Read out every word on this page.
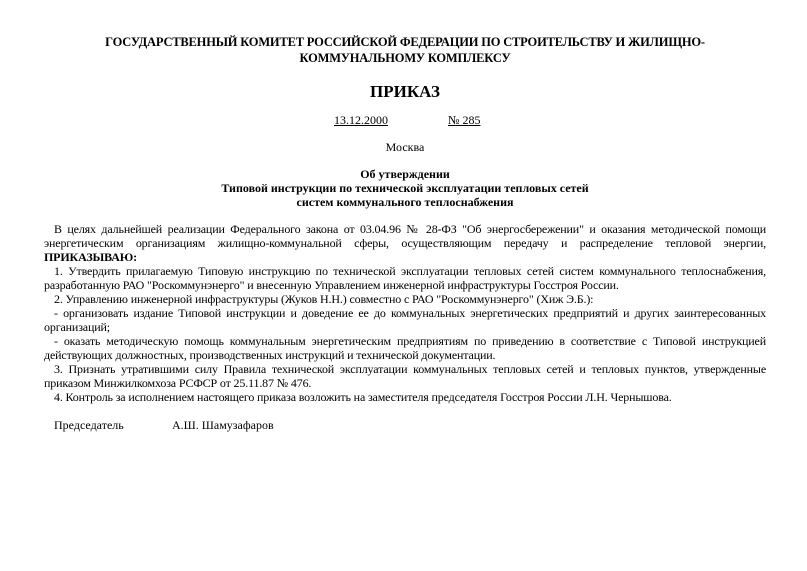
ГОСУДАРСТВЕННЫЙ КОМИТЕТ РОССИЙСКОЙ ФЕДЕРАЦИИ ПО СТРОИТЕЛЬСТВУ И ЖИЛИЩНО-КОММУНАЛЬНОМУ КОМПЛЕКСУ
ПРИКАЗ
13.12.2000	№ 285
Москва
Об утверждении
Типовой инструкции по технической эксплуатации тепловых сетей
систем коммунального теплоснабжения

В целях дальнейшей реализации Федерального закона от 03.04.96 № 28-ФЗ "Об энергосбережении" и оказания методической помощи энергетическим организациям жилищно-коммунальной сферы, осуществляющим передачу и распределение тепловой энергии, ПРИКАЗЫВАЮ:

1. Утвердить прилагаемую Типовую инструкцию по технической эксплуатации тепловых сетей систем коммунального теплоснабжения, разработанную РАО "Роскоммунэнерго" и внесенную Управлением инженерной инфраструктуры Госстроя России.

2. Управлению инженерной инфраструктуры (Жуков Н.Н.) совместно с РАО "Роскоммунэнерго" (Хиж Э.Б.):

- организовать издание Типовой инструкции и доведение ее до коммунальных энергетических предприятий и других заинтересованных организаций;

- оказать методическую помощь коммунальным энергетическим предприятиям по приведению в соответствие с Типовой инструкцией действующих должностных, производственных инструкций и технической документации.

3. Признать утратившими силу Правила технической эксплуатации коммунальных тепловых сетей и тепловых пунктов, утвержденные приказом Минжилкомхоза РСФСР от 25.11.87 № 476.

4. Контроль за исполнением настоящего приказа возложить на заместителя председателя Госстроя России Л.Н. Чернышова.

Председатель	А.Ш. Шамузафаров
